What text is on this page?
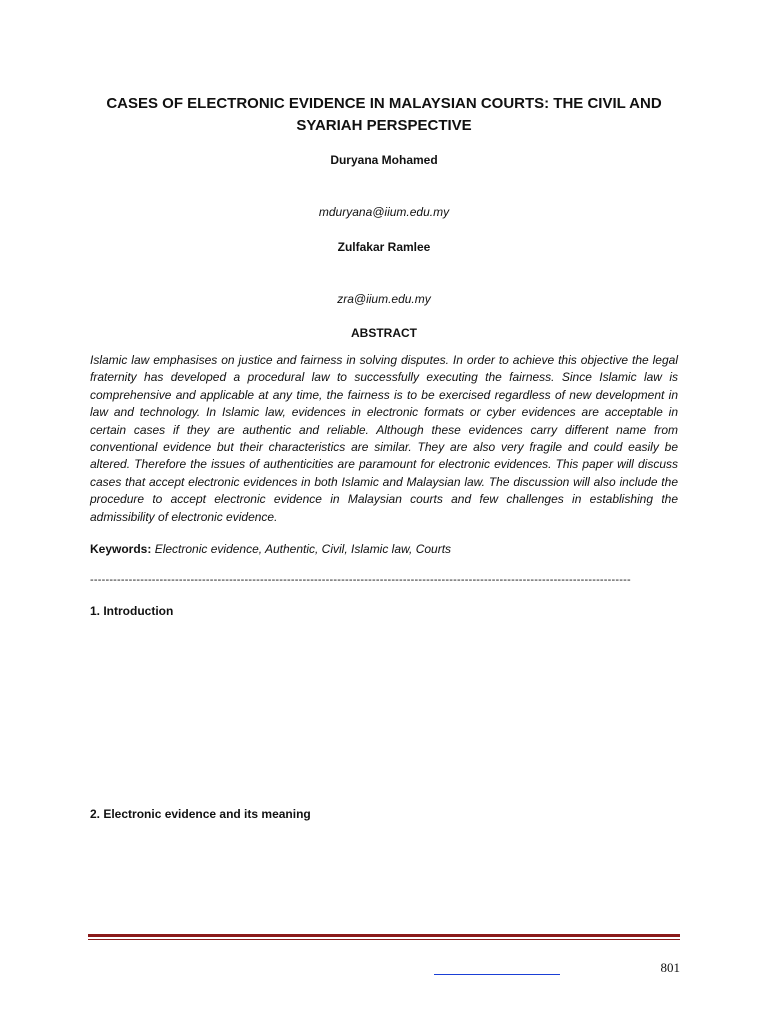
CASES OF ELECTRONIC EVIDENCE IN MALAYSIAN COURTS: THE CIVIL AND SYARIAH PERSPECTIVE
Duryana Mohamed
mduryana@iium.edu.my
Zulfakar Ramlee
zra@iium.edu.my
ABSTRACT

Islamic law emphasises on justice and fairness in solving disputes. In order to achieve this objective the legal fraternity has developed a procedural law to successfully executing the fairness. Since Islamic law is comprehensive and applicable at any time, the fairness is to be exercised regardless of new development in law and technology. In Islamic law, evidences in electronic formats or cyber evidences are acceptable in certain cases if they are authentic and reliable. Although these evidences carry different name from conventional evidence but their characteristics are similar. They are also very fragile and could easily be altered. Therefore the issues of authenticities are paramount for electronic evidences. This paper will discuss cases that accept electronic evidences in both Islamic and Malaysian law. The discussion will also include the procedure to accept electronic evidence in Malaysian courts and few challenges in establishing the admissibility of electronic evidence.

Keywords: Electronic evidence, Authentic, Civil, Islamic law, Courts
--------------------------------------------------------------------------------------------------------------------------------------------
1. Introduction
2. Electronic evidence and its meaning
801
